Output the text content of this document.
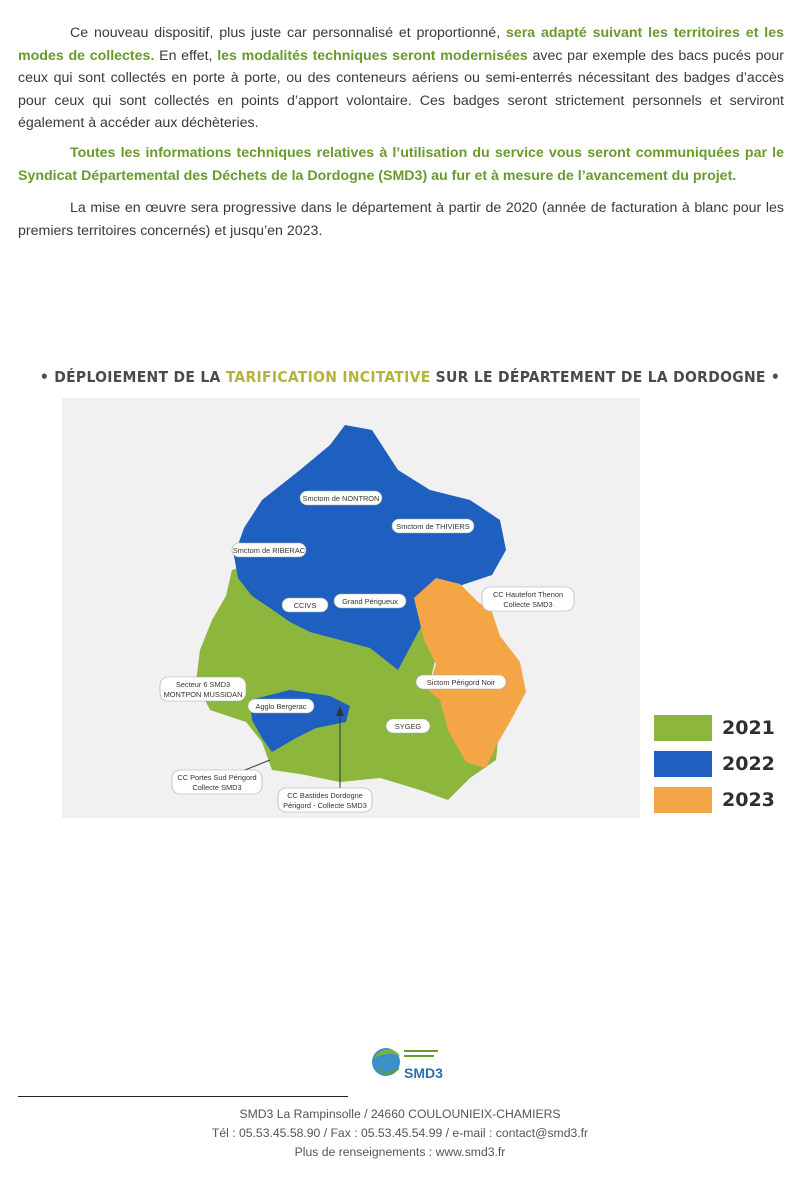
Ce nouveau dispositif, plus juste car personnalisé et proportionné, sera adapté suivant les territoires et les modes de collectes. En effet, les modalités techniques seront modernisées avec par exemple des bacs pucés pour ceux qui sont collectés en porte à porte, ou des conteneurs aériens ou semi-enterrés nécessitant des badges d’accès pour ceux qui sont collectés en points d’apport volontaire. Ces badges seront strictement personnels et serviront également à accéder aux déchèteries.

Toutes les informations techniques relatives à l’utilisation du service vous seront communiquées par le Syndicat Départemental des Déchets de la Dordogne (SMD3) au fur et à mesure de l’avancement du projet.

La mise en œuvre sera progressive dans le département à partir de 2020 (année de facturation à blanc pour les premiers territoires concernés) et jusqu’en 2023.

• DÉPLOIEMENT DE LA TARIFICATION INCITATIVE SUR LE DÉPARTEMENT DE LA DORDOGNE •
Smctom de NONTRON
Smctom de THIVIERS
Smctom de RIBERAC
CC Hautefort Thenon
Collecte SMD3
CCIVS	Grand Périgueux
Sictom Périgord Noir
Secteur 6 SMD3
MONTPON MUSSIDAN
Agglo Bergerac
SYGEG
CC Portes Sud Périgord
Collecte SMD3
CC Bastides Dordogne
Périgord - Collecte SMD3
2021
2022
2023
SMD3
SMD3 La Rampinsolle / 24660 COULOUNIEIX-CHAMIERS
Tél : 05.53.45.58.90 / Fax : 05.53.45.54.99 / e-mail : contact@smd3.fr
Plus de renseignements : www.smd3.fr
